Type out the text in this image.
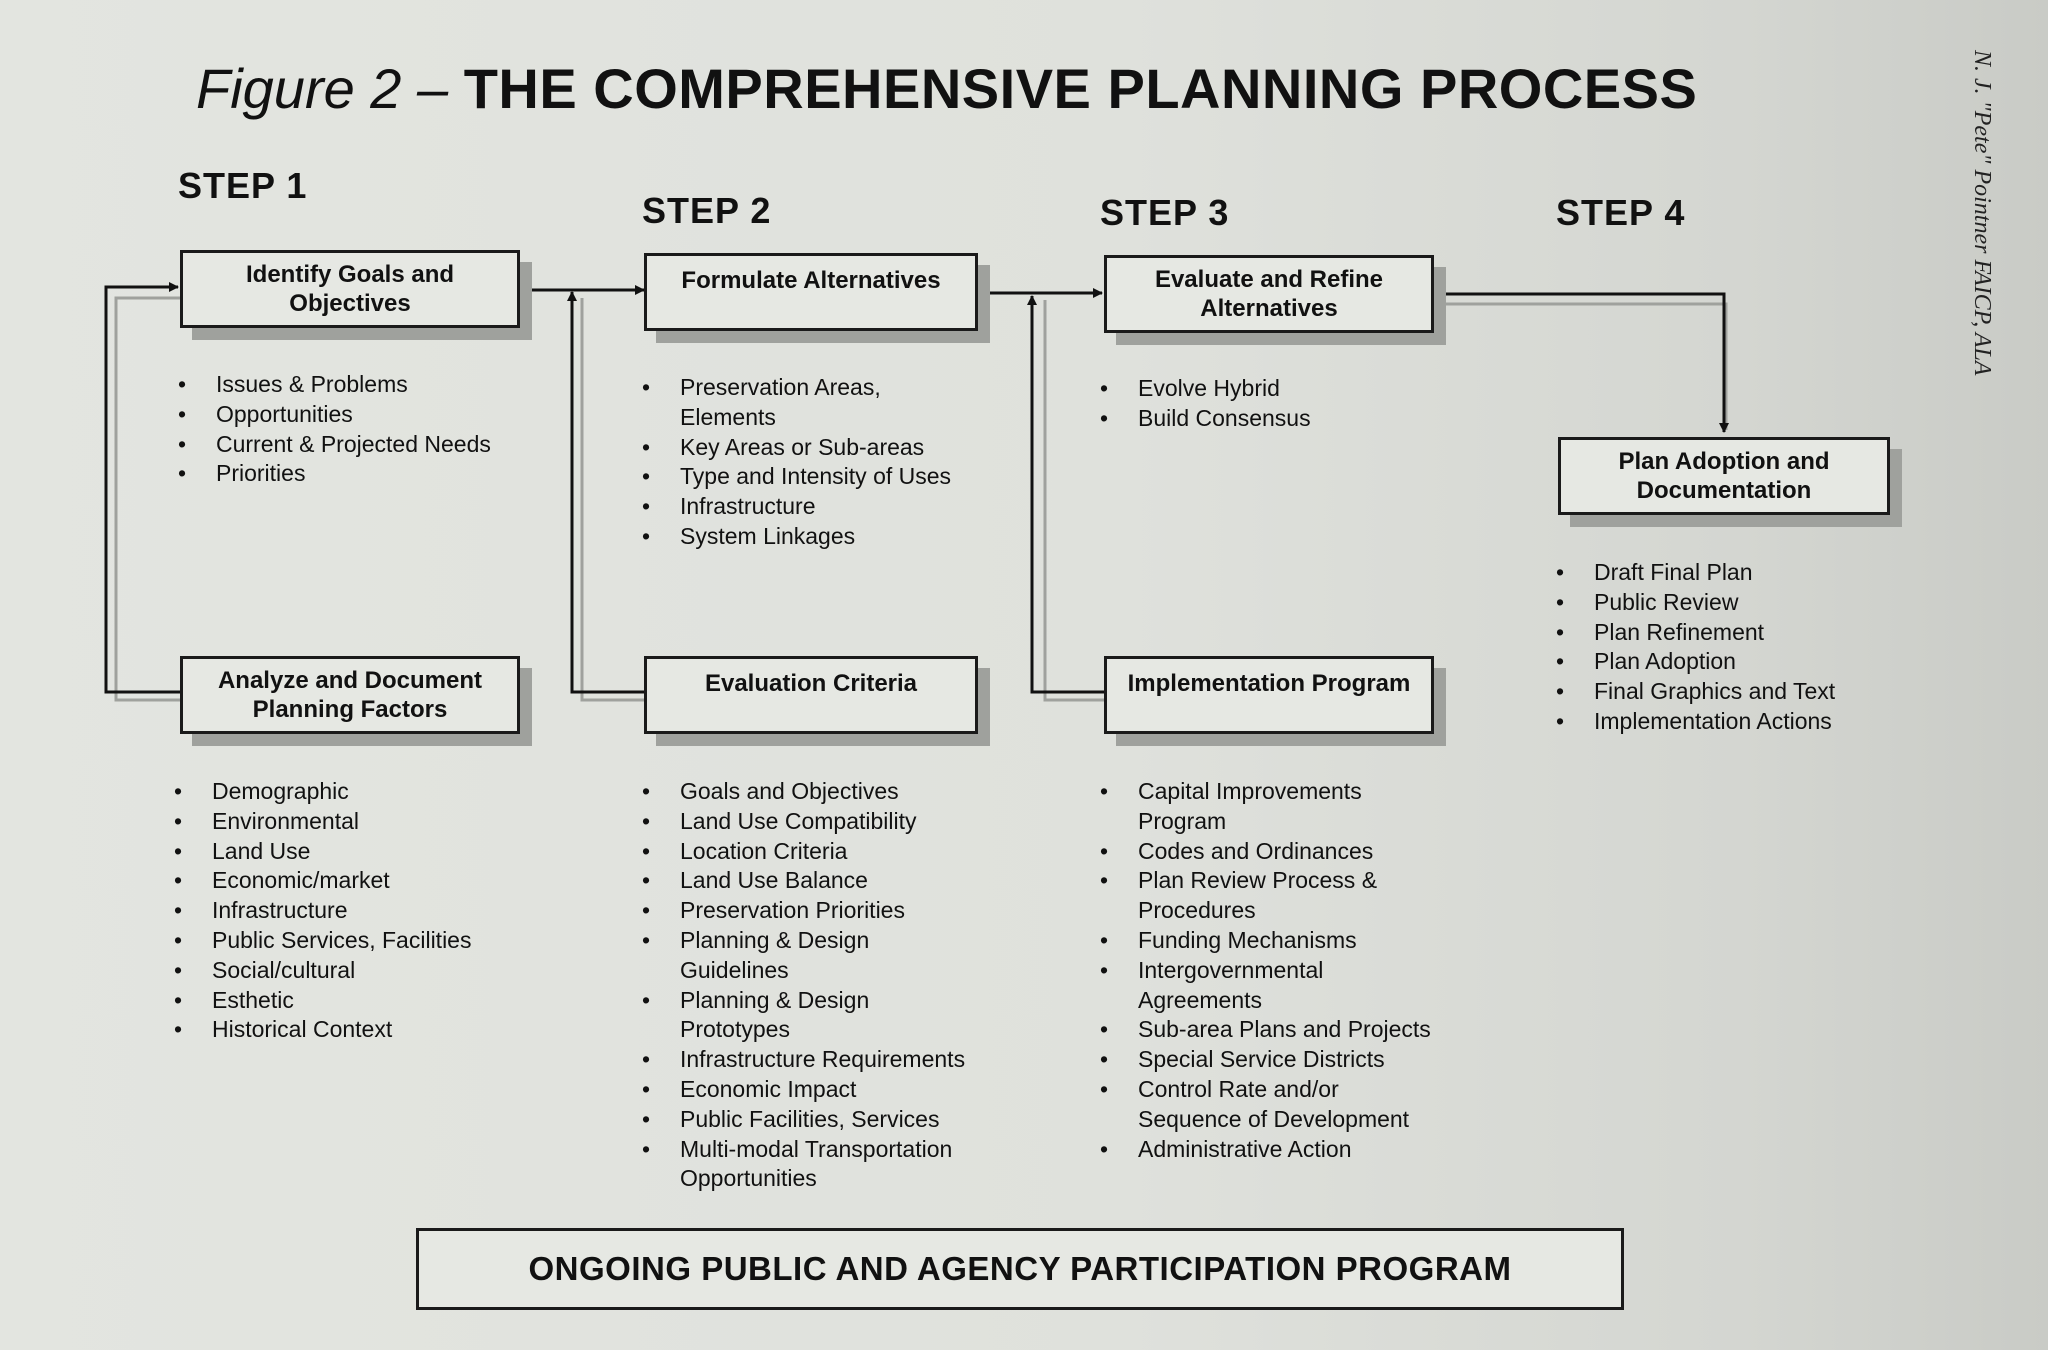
Figure 2 – THE COMPREHENSIVE PLANNING PROCESS	N. J. "Pete" Pointner FAICP, ALA
STEP 1
Identify Goals and
Objectives
• Issues & Problems
• Opportunities
• Current & Projected Needs
• Priorities
Analyze and Document
Planning Factors
• Demographic
• Environmental
• Land Use
• Economic/market
• Infrastructure
• Public Services, Facilities
• Social/cultural
• Esthetic
• Historical Context
STEP 2
Formulate Alternatives
• Preservation Areas,
Elements
• Key Areas or Sub-areas
• Type and Intensity of Uses
• Infrastructure
• System Linkages
Evaluation Criteria
• Goals and Objectives
• Land Use Compatibility
• Location Criteria
• Land Use Balance
• Preservation Priorities
• Planning & Design
Guidelines
• Planning & Design
Prototypes
• Infrastructure Requirements
• Economic Impact
• Public Facilities, Services
• Multi-modal Transportation
Opportunities
STEP 3
Evaluate and Refine
Alternatives
• Evolve Hybrid
• Build Consensus
Implementation Program
• Capital Improvements
Program
• Codes and Ordinances
• Plan Review Process &
Procedures
• Funding Mechanisms
• Intergovernmental
Agreements
• Sub-area Plans and Projects
• Special Service Districts
• Control Rate and/or
Sequence of Development
• Administrative Action
STEP 4
Plan Adoption and
Documentation
• Draft Final Plan
• Public Review
• Plan Refinement
• Plan Adoption
• Final Graphics and Text
• Implementation Actions
ONGOING PUBLIC AND AGENCY PARTICIPATION PROGRAM
